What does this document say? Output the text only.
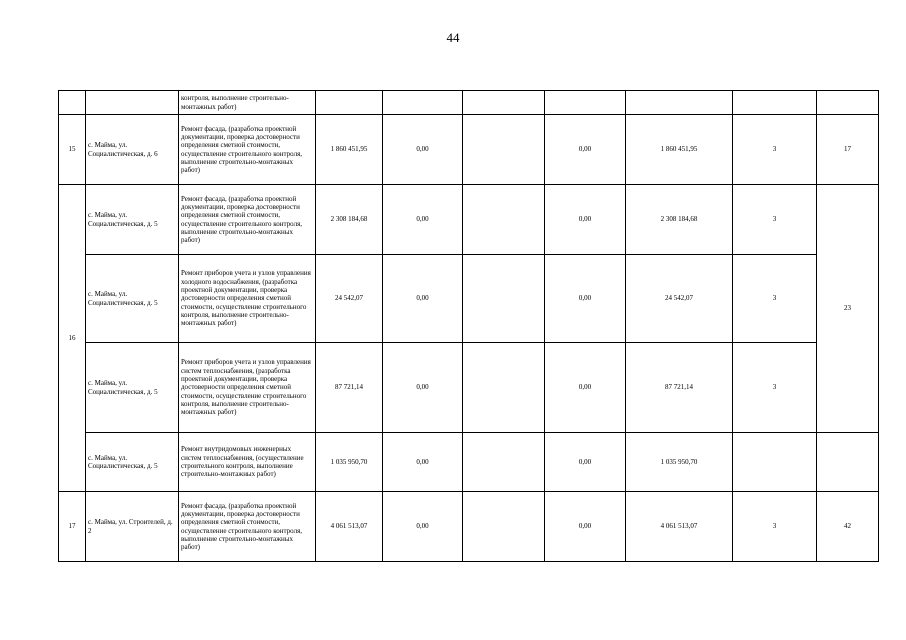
44
		контроля, выполнение строительно-монтажных работ)							
15	с. Майма, ул. Социалистическая, д. 6	Ремонт фасада, (разработка проектной документации, проверка достоверности определения сметной стоимости, осуществление строительного контроля, выполнение строительно-монтажных работ)	1 860 451,95	0,00		0,00	1 860 451,95	3	17
16	с. Майма, ул. Социалистическая, д. 5	Ремонт фасада, (разработка проектной документации, проверка достоверности определения сметной стоимости, осуществление строительного контроля, выполнение строительно-монтажных работ)	2 308 184,68	0,00		0,00	2 308 184,68	3	23
	с. Майма, ул. Социалистическая, д. 5	Ремонт приборов учета и узлов управления холодного водоснабжения, (разработка проектной документации, проверка достоверности определения сметной стоимости, осуществление строительного контроля, выполнение строительно-монтажных работ)	24 542,07	0,00		0,00	24 542,07	3	
	с. Майма, ул. Социалистическая, д. 5	Ремонт приборов учета и узлов управления систем теплоснабжения, (разработка проектной документации, проверка достоверности определения сметной стоимости, осуществление строительного контроля, выполнение строительно-монтажных работ)	87 721,14	0,00		0,00	87 721,14	3	
	с. Майма, ул. Социалистическая, д. 5	Ремонт внутридомовых инженерных систем теплоснабжения, (осуществление строительного контроля, выполнение строительно-монтажных работ)	1 035 950,70	0,00		0,00	1 035 950,70		
17	с. Майма, ул. Строителей, д. 2	Ремонт фасада, (разработка проектной документации, проверка достоверности определения сметной стоимости, осуществление строительного контроля, выполнение строительно-монтажных работ)	4 061 513,07	0,00		0,00	4 061 513,07	3	42
